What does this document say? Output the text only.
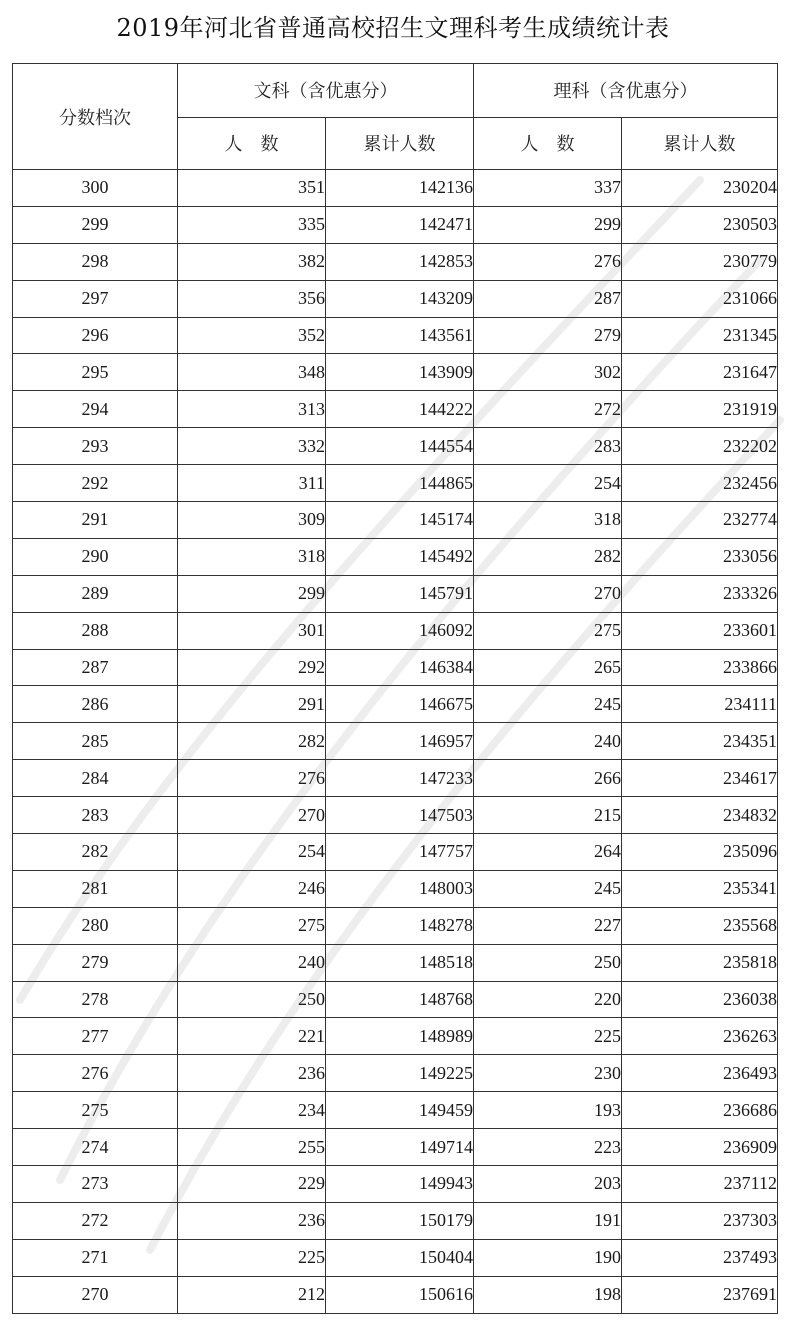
2019年河北省普通高校招生文理科考生成绩统计表
分数档次	文科（含优惠分）		理科（含优惠分）	
	人　数	累计人数	人　数	累计人数
300	351	142136	337	230204
299	335	142471	299	230503
298	382	142853	276	230779
297	356	143209	287	231066
296	352	143561	279	231345
295	348	143909	302	231647
294	313	144222	272	231919
293	332	144554	283	232202
292	311	144865	254	232456
291	309	145174	318	232774
290	318	145492	282	233056
289	299	145791	270	233326
288	301	146092	275	233601
287	292	146384	265	233866
286	291	146675	245	234111
285	282	146957	240	234351
284	276	147233	266	234617
283	270	147503	215	234832
282	254	147757	264	235096
281	246	148003	245	235341
280	275	148278	227	235568
279	240	148518	250	235818
278	250	148768	220	236038
277	221	148989	225	236263
276	236	149225	230	236493
275	234	149459	193	236686
274	255	149714	223	236909
273	229	149943	203	237112
272	236	150179	191	237303
271	225	150404	190	237493
270	212	150616	198	237691
